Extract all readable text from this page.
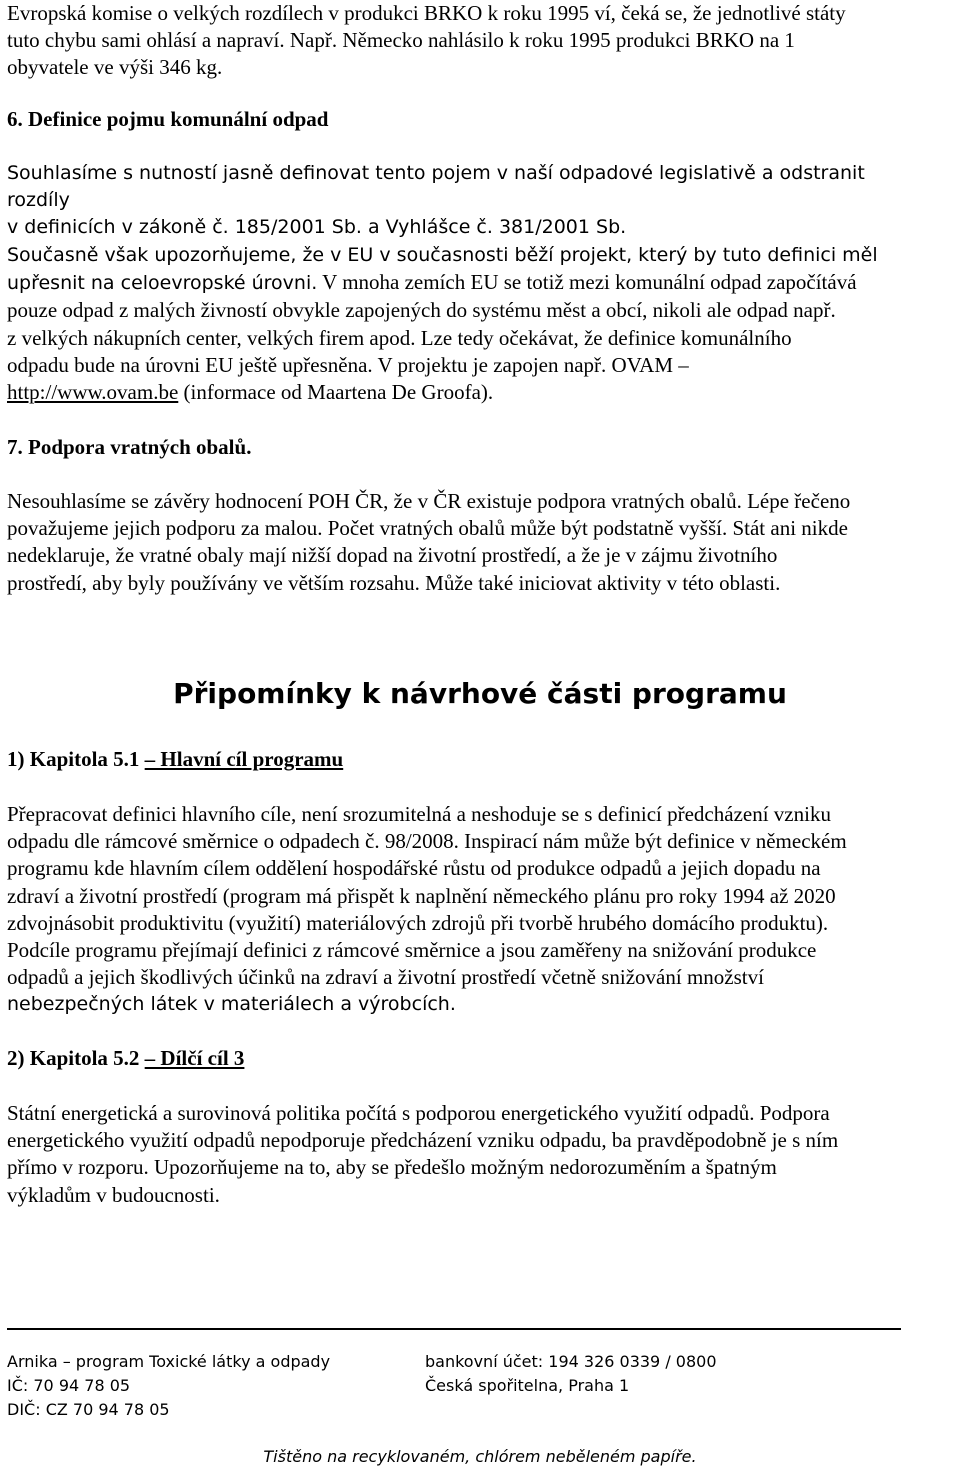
Evropská komise o velkých rozdílech v produkci BRKO k roku 1995 ví, čeká se, že jednotlivé státy
tuto chybu sami ohlásí a napraví. Např. Německo nahlásilo k roku 1995 produkci BRKO na 1
obyvatele ve výši 346 kg.
6. Definice pojmu komunální odpad
Souhlasíme s nutností jasně definovat tento pojem v naší odpadové legislativě a odstranit rozdíly
v definicích v zákoně č. 185/2001 Sb. a Vyhlášce č. 381/2001 Sb.
Současně však upozorňujeme, že v EU v současnosti běží projekt, který by tuto definici měl
upřesnit na celoevropské úrovni. V mnoha zemích EU se totiž mezi komunální odpad započítává
pouze odpad z malých živností obvykle zapojených do systému měst a obcí, nikoli ale odpad např.
z velkých nákupních center, velkých firem apod. Lze tedy očekávat, že definice komunálního
odpadu bude na úrovni EU ještě upřesněna. V projektu je zapojen např. OVAM –
http://www.ovam.be (informace od Maartena De Groofa).
7. Podpora vratných obalů.
Nesouhlasíme se závěry hodnocení POH ČR, že v ČR existuje podpora vratných obalů. Lépe řečeno
považujeme jejich podporu za malou. Počet vratných obalů může být podstatně vyšší. Stát ani nikde
nedeklaruje, že vratné obaly mají nižší dopad na životní prostředí, a že je v zájmu životního
prostředí, aby byly používány ve větším rozsahu. Může také iniciovat aktivity v této oblasti.
Připomínky k návrhové části programu
1) Kapitola 5.1 – Hlavní cíl programu
Přepracovat definici hlavního cíle, není srozumitelná a neshoduje se s definicí předcházení vzniku
odpadu dle rámcové směrnice o odpadech č. 98/2008. Inspirací nám může být definice v německém
programu kde hlavním cílem oddělení hospodářské růstu od produkce odpadů a jejich dopadu na
zdraví a životní prostředí (program má přispět k naplnění německého plánu pro roky 1994 až 2020
zdvojnásobit produktivitu (využití) materiálových zdrojů při tvorbě hrubého domácího produktu).
Podcíle programu přejímají definici z rámcové směrnice a jsou zaměřeny na snižování produkce
odpadů a jejich škodlivých účinků na zdraví a životní prostředí včetně snižování množství
nebezpečných látek v materiálech a výrobcích.
2) Kapitola 5.2 – Dílčí cíl 3
Státní energetická a surovinová politika počítá s podporou energetického využití odpadů. Podpora
energetického využití odpadů nepodporuje předcházení vzniku odpadu, ba pravděpodobně je s ním
přímo v rozporu. Upozorňujeme na to, aby se předešlo možným nedorozuměním a špatným
výkladům v budoucnosti.
Arnika – program Toxické látky a odpady
IČ: 70 94 78 05
DIČ: CZ 70 94 78 05
bankovní účet: 194 326 0339 / 0800
Česká spořitelna, Praha 1
Tištěno na recyklovaném, chlórem neběleném papíře.
